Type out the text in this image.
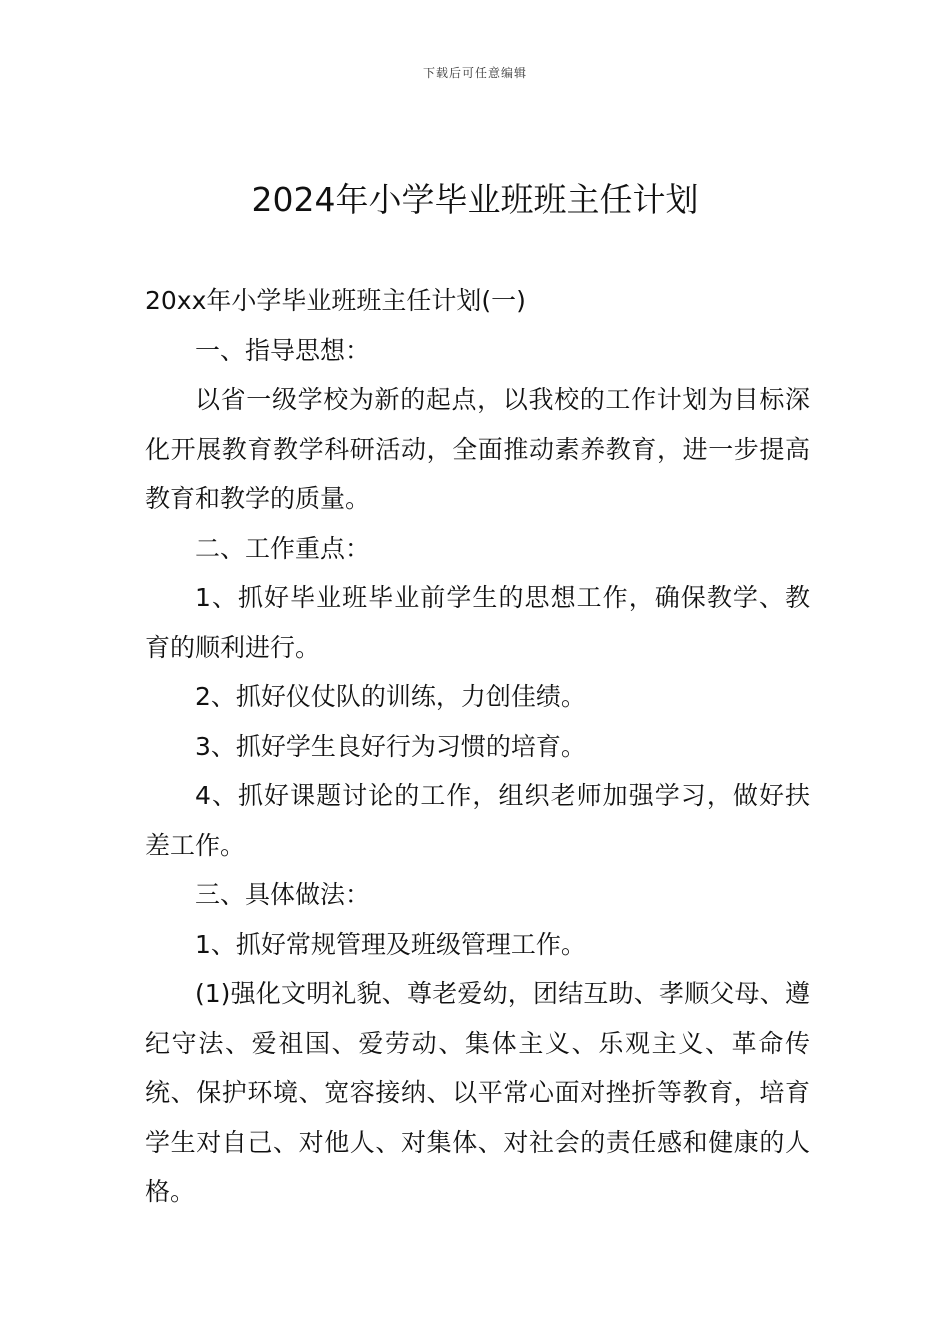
下载后可任意编辑
2024年小学毕业班班主任计划

20xx年小学毕业班班主任计划(一)

一、指导思想：

以省一级学校为新的起点，以我校的工作计划为目标深化开展教育教学科研活动，全面推动素养教育，进一步提高教育和教学的质量。

二、工作重点：

1、抓好毕业班毕业前学生的思想工作，确保教学、教育的顺利进行。

2、抓好仪仗队的训练，力创佳绩。

3、抓好学生良好行为习惯的培育。

4、抓好课题讨论的工作，组织老师加强学习，做好扶差工作。

三、具体做法：

1、抓好常规管理及班级管理工作。

(1)强化文明礼貌、尊老爱幼，团结互助、孝顺父母、遵纪守法、爱祖国、爱劳动、集体主义、乐观主义、革命传统、保护环境、宽容接纳、以平常心面对挫折等教育，培育学生对自己、对他人、对集体、对社会的责任感和健康的人格。
